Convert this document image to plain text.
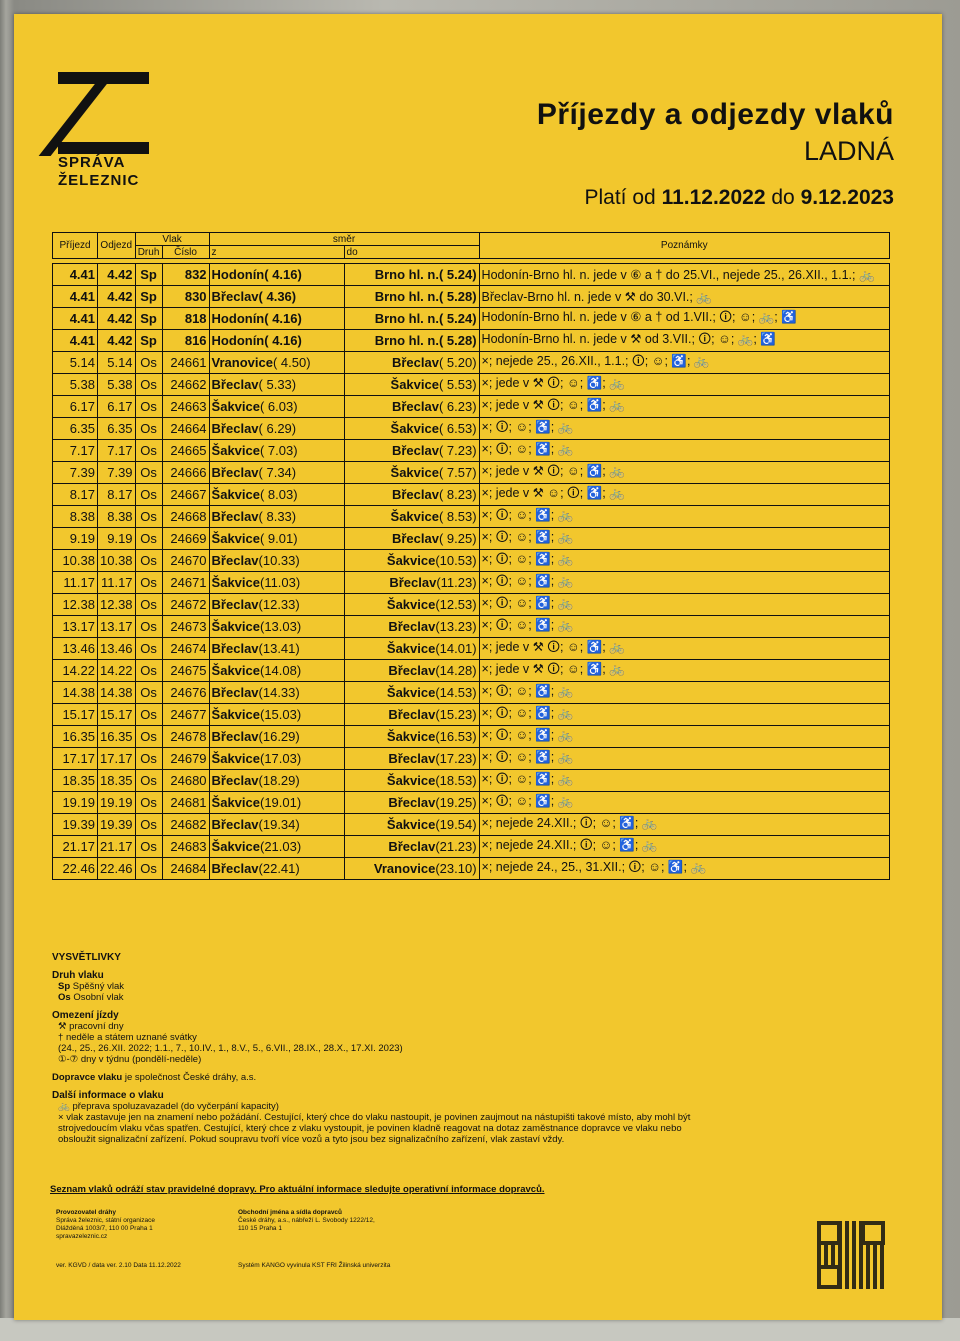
SPRÁVA
ŽELEZNIC
Příjezdy a odjezdy vlaků
LADNÁ
Platí od 11.12.2022 do 9.12.2023
Příjezd	Odjezd	Vlak		směr		Poznámky
		Druh	Číslo	z	do	

4.41	4.42	Sp	832	Hodonín( 4.16)	Brno hl. n.( 5.24)	Hodonín-Brno hl. n. jede v ⑥ a † do 25.VI., nejede 25., 26.XII., 1.1.; 🚲
4.41	4.42	Sp	830	Břeclav( 4.36)	Brno hl. n.( 5.28)	Břeclav-Brno hl. n. jede v ⚒ do 30.VI.; 🚲
4.41	4.42	Sp	818	Hodonín( 4.16)	Brno hl. n.( 5.24)	Hodonín-Brno hl. n. jede v ⑥ a † od 1.VII.; 🛈; ☺; 🚲; ♿
4.41	4.42	Sp	816	Hodonín( 4.16)	Brno hl. n.( 5.28)	Hodonín-Brno hl. n. jede v ⚒ od 3.VII.; 🛈; ☺; 🚲; ♿
5.14	5.14	Os	24661	Vranovice( 4.50)	Břeclav( 5.20)	×; nejede 25., 26.XII., 1.1.; 🛈; ☺; ♿; 🚲
5.38	5.38	Os	24662	Břeclav( 5.33)	Šakvice( 5.53)	×; jede v ⚒ 🛈; ☺; ♿; 🚲
6.17	6.17	Os	24663	Šakvice( 6.03)	Břeclav( 6.23)	×; jede v ⚒ 🛈; ☺; ♿; 🚲
6.35	6.35	Os	24664	Břeclav( 6.29)	Šakvice( 6.53)	×; 🛈; ☺; ♿; 🚲
7.17	7.17	Os	24665	Šakvice( 7.03)	Břeclav( 7.23)	×; 🛈; ☺; ♿; 🚲
7.39	7.39	Os	24666	Břeclav( 7.34)	Šakvice( 7.57)	×; jede v ⚒ 🛈; ☺; ♿; 🚲
8.17	8.17	Os	24667	Šakvice( 8.03)	Břeclav( 8.23)	×; jede v ⚒ ☺; 🛈; ♿; 🚲
8.38	8.38	Os	24668	Břeclav( 8.33)	Šakvice( 8.53)	×; 🛈; ☺; ♿; 🚲
9.19	9.19	Os	24669	Šakvice( 9.01)	Břeclav( 9.25)	×; 🛈; ☺; ♿; 🚲
10.38	10.38	Os	24670	Břeclav(10.33)	Šakvice(10.53)	×; 🛈; ☺; ♿; 🚲
11.17	11.17	Os	24671	Šakvice(11.03)	Břeclav(11.23)	×; 🛈; ☺; ♿; 🚲
12.38	12.38	Os	24672	Břeclav(12.33)	Šakvice(12.53)	×; 🛈; ☺; ♿; 🚲
13.17	13.17	Os	24673	Šakvice(13.03)	Břeclav(13.23)	×; 🛈; ☺; ♿; 🚲
13.46	13.46	Os	24674	Břeclav(13.41)	Šakvice(14.01)	×; jede v ⚒ 🛈; ☺; ♿; 🚲
14.22	14.22	Os	24675	Šakvice(14.08)	Břeclav(14.28)	×; jede v ⚒ 🛈; ☺; ♿; 🚲
14.38	14.38	Os	24676	Břeclav(14.33)	Šakvice(14.53)	×; 🛈; ☺; ♿; 🚲
15.17	15.17	Os	24677	Šakvice(15.03)	Břeclav(15.23)	×; 🛈; ☺; ♿; 🚲
16.35	16.35	Os	24678	Břeclav(16.29)	Šakvice(16.53)	×; 🛈; ☺; ♿; 🚲
17.17	17.17	Os	24679	Šakvice(17.03)	Břeclav(17.23)	×; 🛈; ☺; ♿; 🚲
18.35	18.35	Os	24680	Břeclav(18.29)	Šakvice(18.53)	×; 🛈; ☺; ♿; 🚲
19.19	19.19	Os	24681	Šakvice(19.01)	Břeclav(19.25)	×; 🛈; ☺; ♿; 🚲
19.39	19.39	Os	24682	Břeclav(19.34)	Šakvice(19.54)	×; nejede 24.XII.; 🛈; ☺; ♿; 🚲
21.17	21.17	Os	24683	Šakvice(21.03)	Břeclav(21.23)	×; nejede 24.XII.; 🛈; ☺; ♿; 🚲
22.46	22.46	Os	24684	Břeclav(22.41)	Vranovice(23.10)	×; nejede 24., 25., 31.XII.; 🛈; ☺; ♿; 🚲
VYSVĚTLIVKY
Druh vlaku
Sp Spěšný vlak
Os Osobní vlak
Omezení jízdy
⚒ pracovní dny
† neděle a státem uznané svátky
(24., 25., 26.XII. 2022; 1.1., 7., 10.IV., 1., 8.V., 5., 6.VII., 28.IX., 28.X., 17.XI. 2023)
①-⑦ dny v týdnu (pondělí-neděle)
Dopravce vlaku je společnost České dráhy, a.s.
Další informace o vlaku
🚲 přeprava spoluzavazadel (do vyčerpání kapacity)
× vlak zastavuje jen na znamení nebo požádání. Cestující, který chce do vlaku nastoupit, je povinen zaujmout na nástupišti takové místo, aby mohl být strojvedoucím vlaku včas spatřen. Cestující, který chce z vlaku vystoupit, je povinen kladně reagovat na dotaz zaměstnance dopravce ve vlaku nebo obsloužit signalizační zařízení. Pokud soupravu tvoří více vozů a tyto jsou bez signalizačního zařízení, vlak zastaví vždy.
Seznam vlaků odráží stav pravidelné dopravy. Pro aktuální informace sledujte operativní informace dopravců.
Provozovatel dráhy
Správa železnic, státní organizace
Dlážděná 1003/7, 110 00 Praha 1
spravazeleznic.cz
Obchodní jména a sídla dopravců
České dráhy, a.s., nábřeží L. Svobody 1222/12,
110 15 Praha 1
ver. KGVD / data ver. 2.10 Data 11.12.2022	Systém KANGO vyvinula KST FRI Žilinská univerzita
